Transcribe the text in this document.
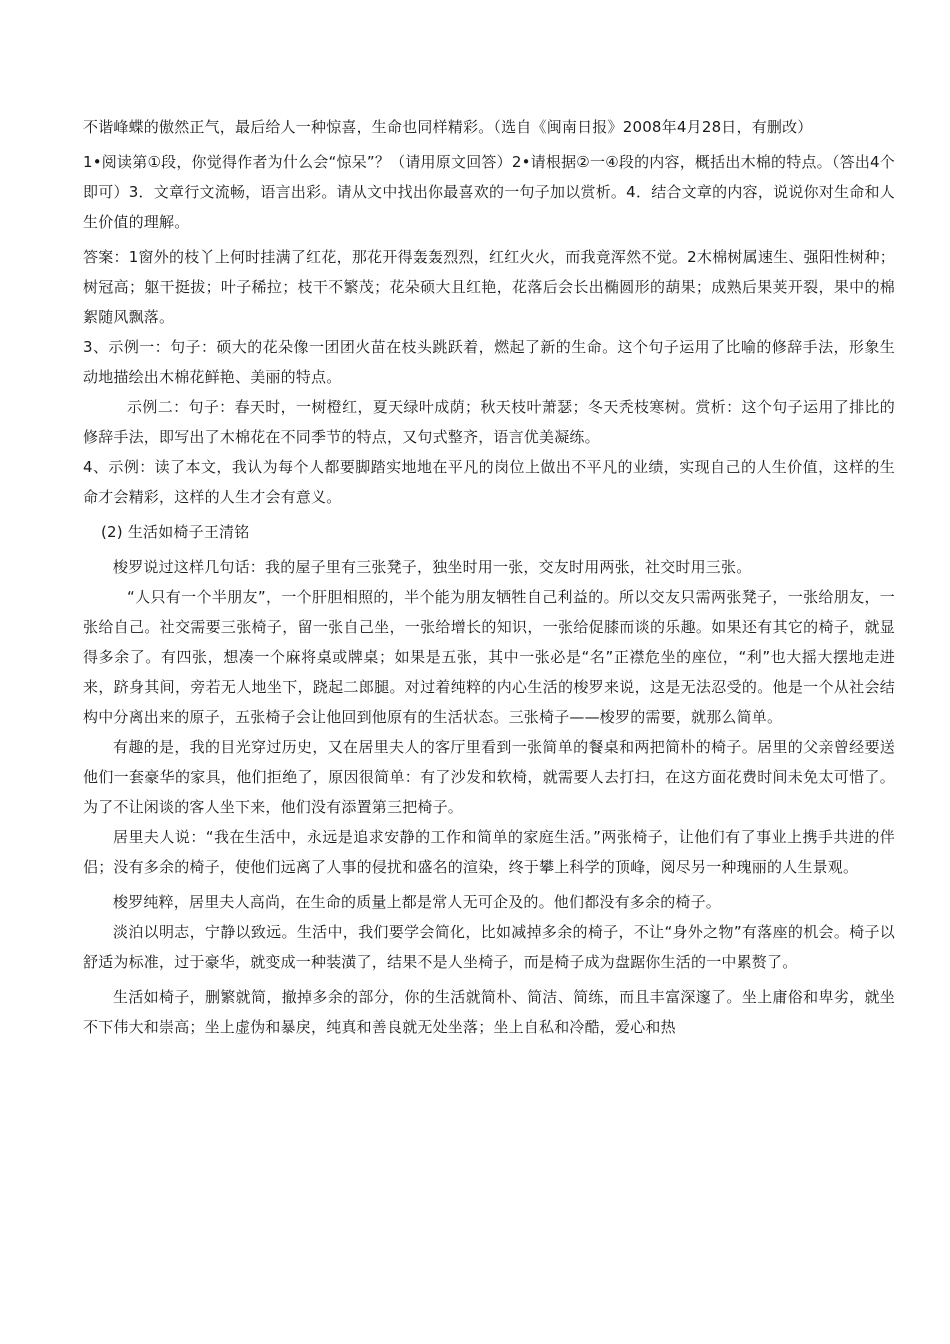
不谐峰蝶的傲然正气，最后给人一种惊喜，生命也同样精彩。（选自《闽南日报》2008年4月28日，有删改）

1•阅读第①段，你觉得作者为什么会“惊呆”？（请用原文回答）2•请根据②一④段的内容，概括出木棉的特点。（答出4个即可）3．文章行文流畅，语言出彩。请从文中找出你最喜欢的一句子加以赏析。4．结合文章的内容，说说你对生命和人生价值的理解。

答案：1窗外的枝丫上何时挂满了红花，那花开得轰轰烈烈，红红火火，而我竟浑然不觉。2木棉树属速生、强阳性树种；树冠高；躯干挺拔；叶子稀拉；枝干不繁茂；花朵硕大且红艳，花落后会长出椭圆形的葫果；成熟后果荚开裂，果中的棉絮随风飘落。

3、示例一：句子：硕大的花朵像一团团火苗在枝头跳跃着，燃起了新的生命。这个句子运用了比喻的修辞手法，形象生动地描绘出木棉花鲜艳、美丽的特点。

示例二：句子：春天时，一树橙红，夏天绿叶成荫；秋天枝叶萧瑟；冬天秃枝寒树。赏析：这个句子运用了排比的修辞手法，即写出了木棉花在不同季节的特点，又句式整齐，语言优美凝练。

4、示例：读了本文，我认为每个人都要脚踏实地地在平凡的岗位上做出不平凡的业绩，实现自己的人生价值，这样的生命才会精彩，这样的人生才会有意义。

(2) 生活如椅子王清铭

梭罗说过这样几句话：我的屋子里有三张凳子，独坐时用一张，交友时用两张，社交时用三张。

“人只有一个半朋友”，一个肝胆相照的，半个能为朋友牺牲自己利益的。所以交友只需两张凳子，一张给朋友，一张给自己。社交需要三张椅子，留一张自己坐，一张给增长的知识，一张给促膝而谈的乐趣。如果还有其它的椅子，就显得多余了。有四张，想凑一个麻将桌或牌桌；如果是五张，其中一张必是“名”正襟危坐的座位，“利”也大摇大摆地走进来，跻身其间，旁若无人地坐下，跷起二郎腿。对过着纯粹的内心生活的梭罗来说，这是无法忍受的。他是一个从社会结构中分离出来的原子，五张椅子会让他回到他原有的生活状态。三张椅子——梭罗的需要，就那么简单。

有趣的是，我的目光穿过历史，又在居里夫人的客厅里看到一张简单的餐桌和两把简朴的椅子。居里的父亲曾经要送他们一套豪华的家具，他们拒绝了，原因很简单：有了沙发和软椅，就需要人去打扫，在这方面花费时间未免太可惜了。为了不让闲谈的客人坐下来，他们没有添置第三把椅子。

居里夫人说：“我在生活中，永远是追求安静的工作和简单的家庭生活。”两张椅子，让他们有了事业上携手共进的伴侣；没有多余的椅子，使他们远离了人事的侵扰和盛名的渲染，终于攀上科学的顶峰，阅尽另一种瑰丽的人生景观。

梭罗纯粹，居里夫人高尚，在生命的质量上都是常人无可企及的。他们都没有多余的椅子。

淡泊以明志，宁静以致远。生活中，我们要学会简化，比如减掉多余的椅子，不让“身外之物”有落座的机会。椅子以舒适为标准，过于豪华，就变成一种装潢了，结果不是人坐椅子，而是椅子成为盘踞你生活的一中累赘了。

生活如椅子，删繁就简，撤掉多余的部分，你的生活就简朴、简洁、简练，而且丰富深邃了。坐上庸俗和卑劣，就坐不下伟大和崇高；坐上虚伪和暴戾，纯真和善良就无处坐落；坐上自私和冷酷，爱心和热
